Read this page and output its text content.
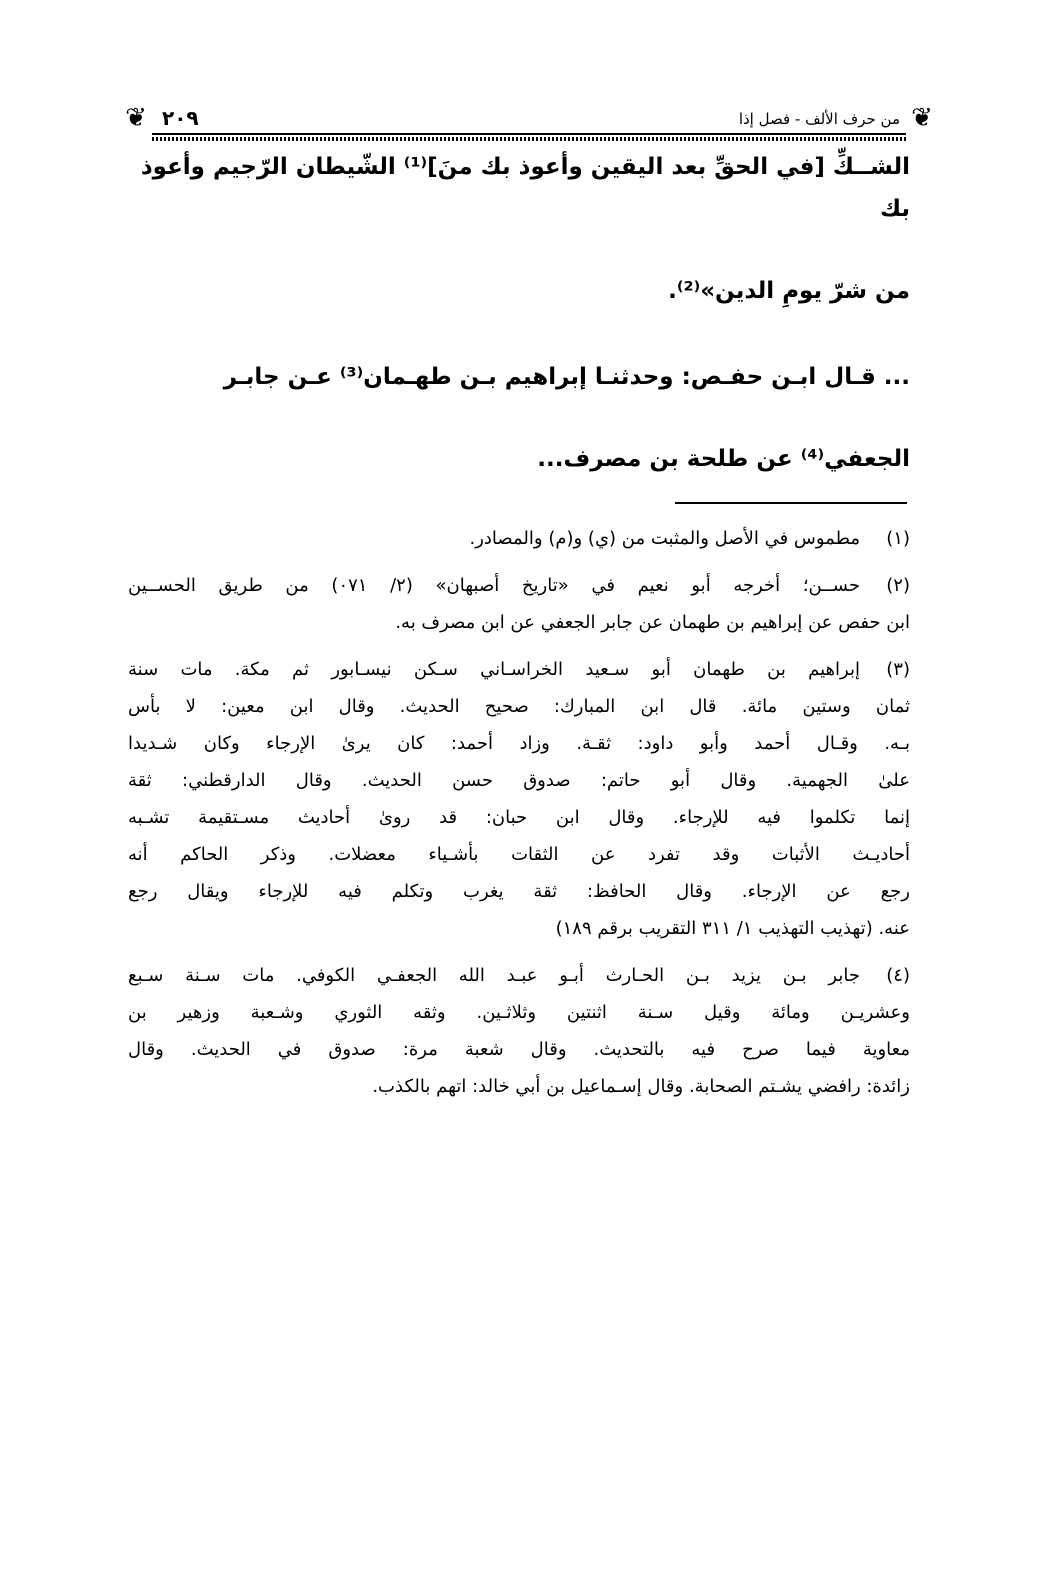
❦
❦	من حرف الألف - فصل إذا
٢٠٩
الشــكِّ [في الحقِّ بعد اليقين وأعوذ بك منَ]⁽¹⁾ الشّيطان الرّجيم وأعوذ بك
من شرّ يومِ الدين»⁽²⁾.
... قـال ابـن حفـص: وحدثنـا إبراهيم بـن طهـمان⁽³⁾ عـن جابـر
الجعفي⁽⁴⁾ عن طلحة بن مصرف...
(١)
مطموس في الأصل والمثبت من (ي) و(م) والمصادر.
(٢)
حســن؛ أخرجه أبو نعيم في «تاريخ أصبهان» (٢/ ٠٧١) من طريق الحســين
ابن حفص عن إبراهيم بن طهمان عن جابر الجعفي عن ابن مصرف به.
(٣)
إبراهيم بن طهمان أبو سـعيد الخراسـاني سـكن نيسـابور ثم مكة. مات سنة
ثمان وستين مائة. قال ابن المبارك: صحيح الحديث. وقال ابن معين: لا بأس
بـه. وقـال أحمد وأبو داود: ثقـة. وزاد أحمد: كان يرىٰ الإرجاء وكان شـديدا
علىٰ الجهمية. وقال أبو حاتم: صدوق حسن الحديث. وقال الدارقطني: ثقة
إنما تكلموا فيه للإرجاء. وقال ابن حبان: قد روىٰ أحاديث مسـتقيمة تشـبه
أحاديـث الأثبات وقد تفرد عن الثقات بأشـياء معضلات. وذكر الحاكم أنه
رجع عن الإرجاء. وقال الحافظ: ثقة يغرب وتكلم فيه للإرجاء ويقال رجع
عنه. (تهذيب التهذيب ١/ ٣١١ التقريب برقم ١٨٩)
(٤)
جابر بـن يزيد بـن الحـارث أبـو عبـد الله الجعفـي الكوفي. مات سـنة سـبع
وعشريـن ومائة وقيل سـنة اثنتين وثلاثـين. وثقه الثوري وشـعبة وزهير بن
معاوية فيما صرح فيه بالتحديث. وقال شعبة مرة: صدوق في الحديث. وقال
زائدة: رافضي يشـتم الصحابة. وقال إسـماعيل بن أبي خالد: اتهم بالكذب.
